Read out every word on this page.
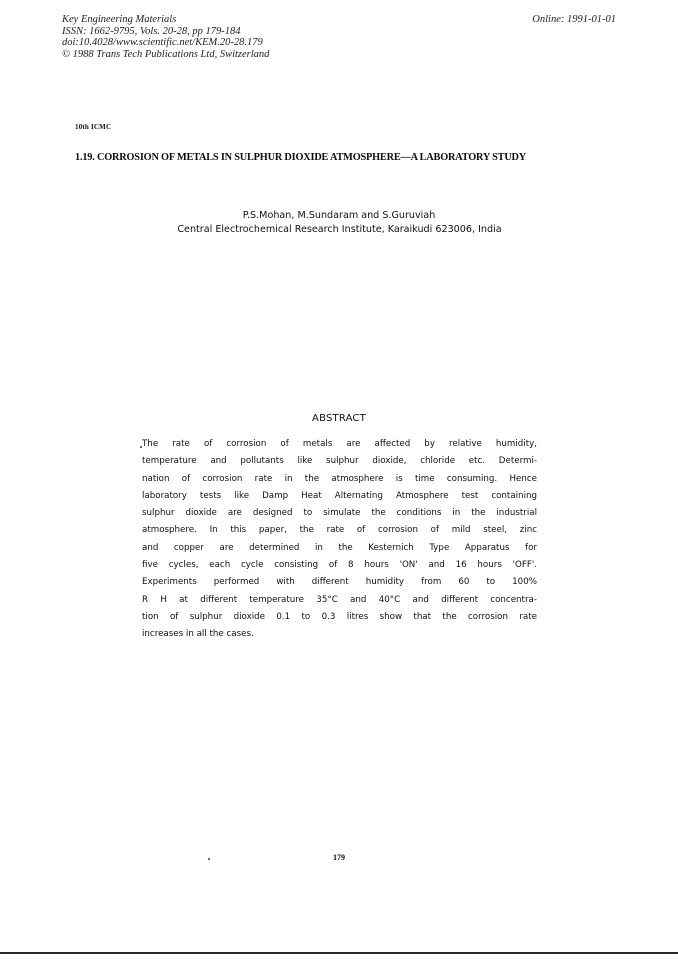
Key Engineering Materials
ISSN: 1662-9795, Vols. 20-28, pp 179-184
doi:10.4028/www.scientific.net/KEM.20-28.179
© 1988 Trans Tech Publications Ltd, Switzerland
Online: 1991-01-01
10th ICMC
1.19. CORROSION OF METALS IN SULPHUR DIOXIDE ATMOSPHERE—A LABORATORY STUDY
P.S.Mohan, M.Sundaram and S.Guruviah
Central Electrochemical Research Institute, Karaikudi 623006, India
ABSTRACT
The rate of corrosion of metals are affected by relative humidity,
temperature and pollutants like sulphur dioxide, chloride etc. Determi-
nation of corrosion rate in the atmosphere is time consuming. Hence
laboratory tests like Damp Heat Alternating Atmosphere test containing
sulphur dioxide are designed to simulate the conditions in the industrial
atmosphere. In this paper, the rate of corrosion of mild steel, zinc
and copper are determined in the Kesternich Type Apparatus for
five cycles, each cycle consisting of 8 hours 'ON' and 16 hours 'OFF'.
Experiments performed with different humidity from 60 to 100%
R H at different temperature 35°C and 40°C and different concentra-
tion of sulphur dioxide 0.1 to 0.3 litres show that the corrosion rate
increases in all the cases.
179
